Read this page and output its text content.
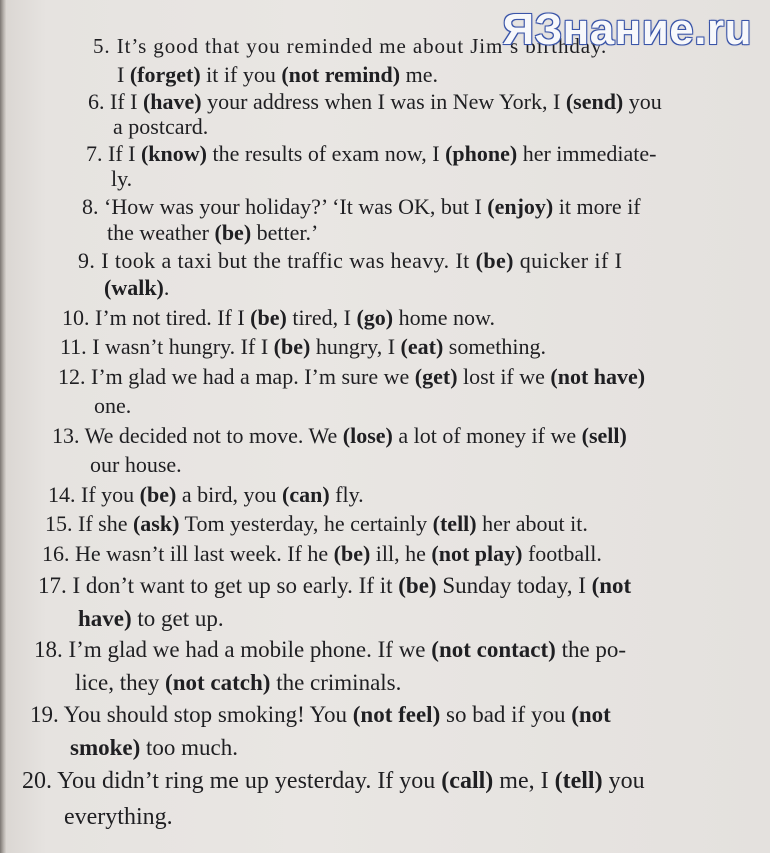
5. It’s good that you reminded me about Jim’s birthday.
I (forget) it if you (not remind) me.
6. If I (have) your address when I was in New York, I (send) you
a postcard.
7. If I (know) the results of exam now, I (phone) her immediate-
ly.
8. ‘How was your holiday?’ ‘It was OK, but I (enjoy) it more if
the weather (be) better.’
9. I took a taxi but the traffic was heavy. It (be) quicker if I
(walk).
10. I’m not tired. If I (be) tired, I (go) home now.
11. I wasn’t hungry. If I (be) hungry, I (eat) something.
12. I’m glad we had a map. I’m sure we (get) lost if we (not have)
one.
13. We decided not to move. We (lose) a lot of money if we (sell)
our house.
14. If you (be) a bird, you (can) fly.
15. If she (ask) Tom yesterday, he certainly (tell) her about it.
16. He wasn’t ill last week. If he (be) ill, he (not play) football.
17. I don’t want to get up so early. If it (be) Sunday today, I (not
have) to get up.
18. I’m glad we had a mobile phone. If we (not contact) the po-
lice, they (not catch) the criminals.
19. You should stop smoking! You (not feel) so bad if you (not
smoke) too much.
20. You didn’t ring me up yesterday. If you (call) me, I (tell) you
everything.
ЯЗнание.ru
